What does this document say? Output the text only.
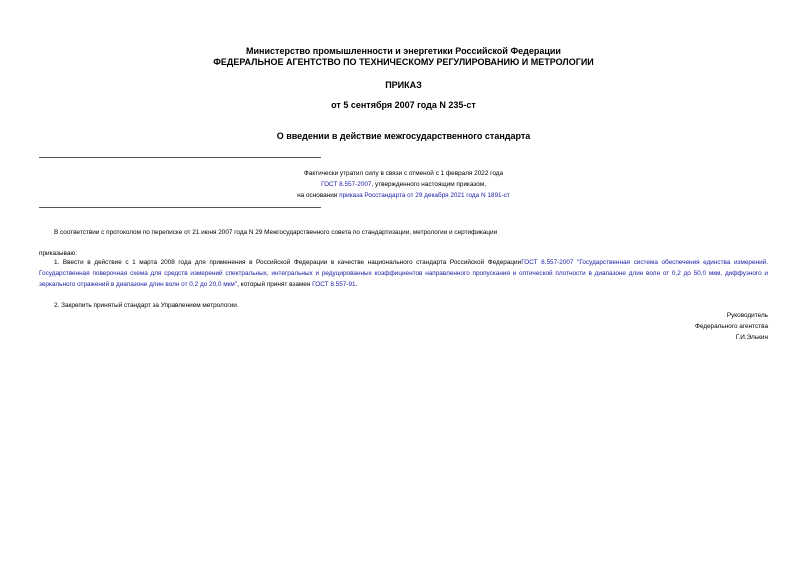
Министерство промышленности и энергетики Российской Федерации
ФЕДЕРАЛЬНОЕ АГЕНТСТВО ПО ТЕХНИЧЕСКОМУ РЕГУЛИРОВАНИЮ И МЕТРОЛОГИИ
ПРИКАЗ
от 5 сентября 2007 года N 235-ст
О введении в действие межгосударственного стандарта
Фактически утратил силу в связи с отменой с 1 февраля 2022 года
ГОСТ 8.557-2007, утвержденного настоящим приказом,
на основании приказа Росстандарта от 29 декабря 2021 года N 1891-ст
В соответствии с протоколом по переписке от 21 июня 2007 года N 29 Межгосударственного совета по стандартизации, метрологии и сертификации
приказываю:
1. Ввести в действие с 1 марта 2008 года для применения в Российской Федерации в качестве национального стандарта Российской ФедерацииГОСТ 8.557-2007 "Государственная система обеспечения единства измерений. Государственная поверочная схема для средств измерений спектральных, интегральных и редуцированных коэффициентов направленного пропускания и оптической плотности в диапазоне длин волн от 0,2 до 50,0 мкм, диффузного и зеркального отражений в диапазоне длин волн от 0,2 до 20,0 мкм", который принят взамен ГОСТ 8.557-91.
2. Закрепить принятый стандарт за Управлением метрологии.
Руководитель
Федерального агентства
Г.И.Элькин
